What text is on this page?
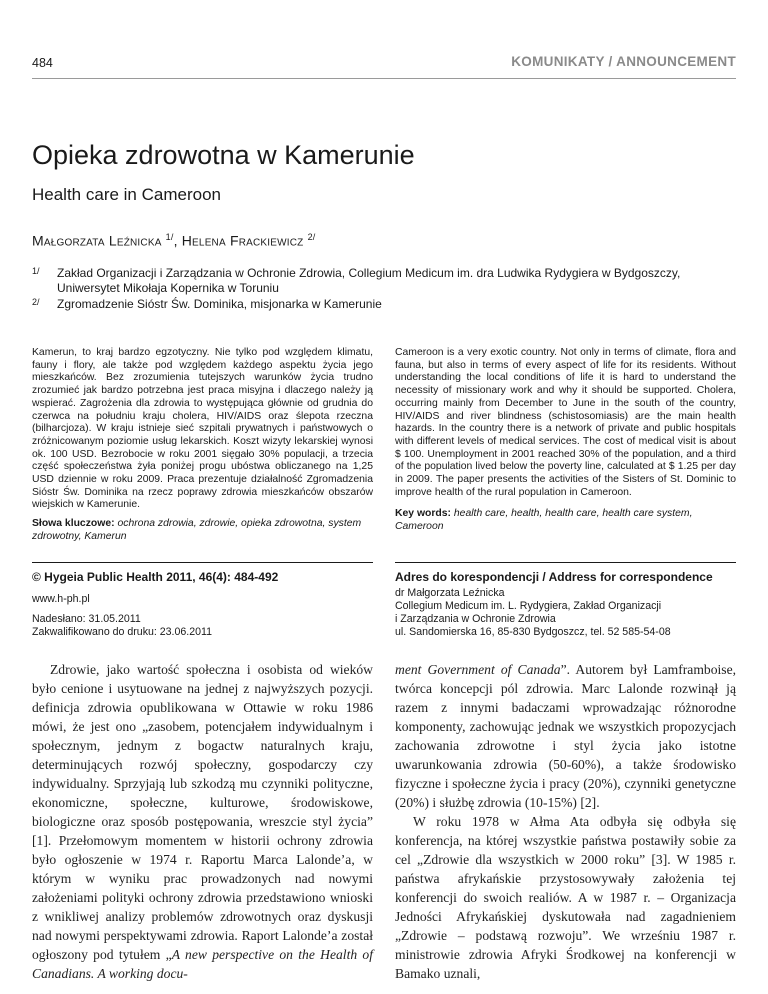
484	KOMUNIKATY / ANNOUNCEMENT
Opieka zdrowotna w Kamerunie
Health care in Cameroon
Małgorzata Leźnicka $^{1/}$, Helena Frackiewicz $^{2/}$
1/ Zakład Organizacji i Zarządzania w Ochronie Zdrowia, Collegium Medicum im. dra Ludwika Rydygiera w Bydgoszczy, Uniwersytet Mikołaja Kopernika w Toruniu
2/ Zgromadzenie Sióstr Św. Dominika, misjonarka w Kamerunie
Kamerun, to kraj bardzo egzotyczny. Nie tylko pod względem klimatu, fauny i flory, ale także pod względem każdego aspektu życia jego mieszkańców. Bez zrozumienia tutejszych warunków życia trudno zrozumieć jak bardzo potrzebna jest praca misyjna i dlaczego należy ją wspierać. Zagrożenia dla zdrowia to występująca głównie od grudnia do czerwca na południu kraju cholera, HIV/AIDS oraz ślepota rzeczna (bilharcjoza). W kraju istnieje sieć szpitali prywatnych i państwowych o zróżnicowanym poziomie usług lekarskich. Koszt wizyty lekarskiej wynosi ok. 100 USD. Bezrobocie w roku 2001 sięgało 30% populacji, a trzecia część społeczeństwa żyła poniżej progu ubóstwa obliczanego na 1,25 USD dziennie w roku 2009. Praca prezentuje działalność Zgromadzenia Sióstr Św. Dominika na rzecz poprawy zdrowia mieszkańców obszarów wiejskich w Kamerunie.
Cameroon is a very exotic country. Not only in terms of climate, flora and fauna, but also in terms of every aspect of life for its residents. Without understanding the local conditions of life it is hard to understand the necessity of missionary work and why it should be supported. Cholera, occurring mainly from December to June in the south of the country, HIV/AIDS and river blindness (schistosomiasis) are the main health hazards. In the country there is a network of private and public hospitals with different levels of medical services. The cost of medical visit is about $ 100. Unemployment in 2001 reached 30% of the population, and a third of the population lived below the poverty line, calculated at $ 1.25 per day in 2009. The paper presents the activities of the Sisters of St. Dominic to improve health of the rural population in Cameroon.
Słowa kluczowe: ochrona zdrowia, zdrowie, opieka zdrowotna, system zdrowotny, Kamerun
Key words: health care, health, health care, health care system, Cameroon
© Hygeia Public Health 2011, 46(4): 484-492
www.h-ph.pl
Nadesłano: 31.05.2011
Zakwalifikowano do druku: 23.06.2011
Adres do korespondencji / Address for correspondence
dr Małgorzata Leźnicka
Collegium Medicum im. L. Rydygiera, Zakład Organizacji
i Zarządzania w Ochronie Zdrowia
ul. Sandomierska 16, 85-830 Bydgoszcz, tel. 52 585-54-08

Zdrowie, jako wartość społeczna i osobista od wieków było cenione i usytuowane na jednej z najwyższych pozycji. definicja zdrowia opublikowana w Ottawie w roku 1986 mówi, że jest ono „zasobem, potencjałem indywidualnym i społecznym, jednym z bogactw naturalnych kraju, determinujących rozwój społeczny, gospodarczy czy indywidualny. Sprzyjają lub szkodzą mu czynniki polityczne, ekonomiczne, społeczne, kulturowe, środowiskowe, biologiczne oraz sposób postępowania, wreszcie styl życia” [1]. Przełomowym momentem w historii ochrony zdrowia było ogłoszenie w 1974 r. Raportu Marca Lalonde’a, w którym w wyniku prac prowadzonych nad nowymi założeniami polityki ochrony zdrowia przedstawiono wnioski z wnikliwej analizy problemów zdrowotnych oraz dyskusji nad nowymi perspektywami zdrowia. Raport Lalonde’a został ogłoszony pod tytułem „A new perspective on the Health of Canadians. A working docu-

ment Government of Canada”. Autorem był Lamframboise, twórca koncepcji pól zdrowia. Marc Lalonde rozwinął ją razem z innymi badaczami wprowadzając różnorodne komponenty, zachowując jednak we wszystkich propozycjach zachowania zdrowotne i styl życia jako istotne uwarunkowania zdrowia (50-60%), a także środowisko fizyczne i społeczne życia i pracy (20%), czynniki genetyczne (20%) i służbę zdrowia (10-15%) [2].

W roku 1978 w Ałma Ata odbyła się odbyła się konferencja, na której wszystkie państwa postawiły sobie za cel „Zdrowie dla wszystkich w 2000 roku” [3]. W 1985 r. państwa afrykańskie przystosowywały założenia tej konferencji do swoich realiów. A w 1987 r. – Organizacja Jedności Afrykańskiej dyskutowała nad zagadnieniem „Zdrowie – podstawą rozwoju”. We wrześniu 1987 r. ministrowie zdrowia Afryki Środkowej na konferencji w Bamako uznali,
